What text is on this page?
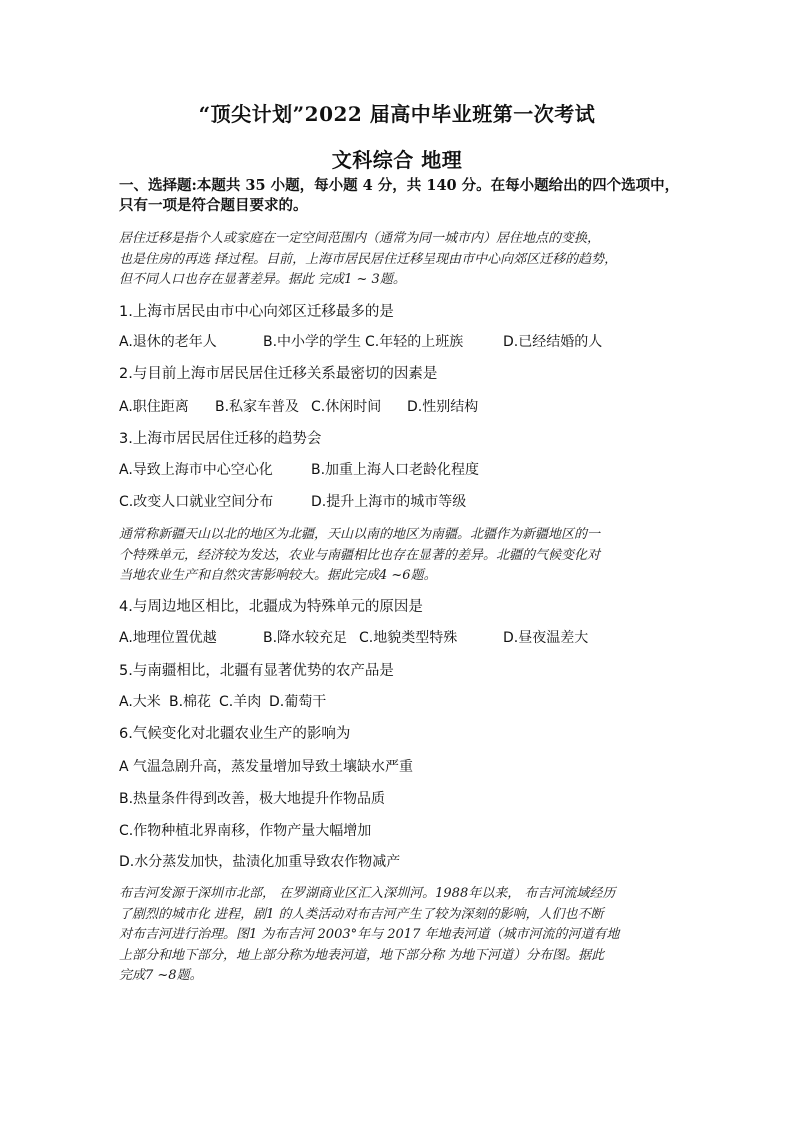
“顶尖计划”2022 届高中毕业班第一次考试
文科综合 地理
一、选择题:本题共 35 小题，每小题 4 分，共 140 分。在每小题给出的四个选项中，
只有一项是符合题目要求的。
居住迁移是指个人或家庭在一定空间范围内（通常为同一城市内）居住地点的变换，
也是住房的再选 择过程。目前，上海市居民居住迁移呈现由市中心向郊区迁移的趋势，
但不同人口也存在显著差异。据此 完成1 ~ 3题。
1.上海市居民由市中心向郊区迁移最多的是
A.退休的老年人	B.中小学的学生 C.年轻的上班族	D.已经结婚的人
2.与目前上海市居民居住迁移关系最密切的因素是
A.职住距离 B.私家车普及 C.休闲时间 D.性别结构
3.上海市居民居住迁移的趋势会
A.导致上海市中心空心化	B.加重上海人口老龄化程度
C.改变人口就业空间分布	D.提升上海市的城市等级
通常称新疆天山以北的地区为北疆，天山以南的地区为南疆。北疆作为新疆地区的一
个特殊单元，经济较为发达，农业与南疆相比也存在显著的差异。北疆的气候变化对
当地农业生产和自然灾害影响较大。据此完成4 ~6题。
4.与周边地区相比，北疆成为特殊单元的原因是
A.地理位置优越	B.降水较充足 C.地貌类型特殊	D.昼夜温差大
5.与南疆相比，北疆有显著优势的农产品是
A.大米 B.棉花 C.羊肉 D.葡萄干
6.气候变化对北疆农业生产的影响为
A 气温急剧升高，蒸发量增加导致土壤缺水严重
B.热量条件得到改善，极大地提升作物品质
C.作物种植北界南移，作物产量大幅增加
D.水分蒸发加快，盐渍化加重导致农作物减产
布吉河发源于深圳市北部， 在罗湖商业区汇入深圳河。1988年以来， 布吉河流域经历
了剧烈的城市化 进程，剧1 的人类活动对布吉河产生了较为深刻的影响，人们也不断
对布吉河进行治理。图1 为布吉河 2003°年与 2017 年地表河道（城市河流的河道有地
上部分和地下部分，地上部分称为地表河道，地下部分称 为地下河道）分布图。据此
完成7 ~8题。
